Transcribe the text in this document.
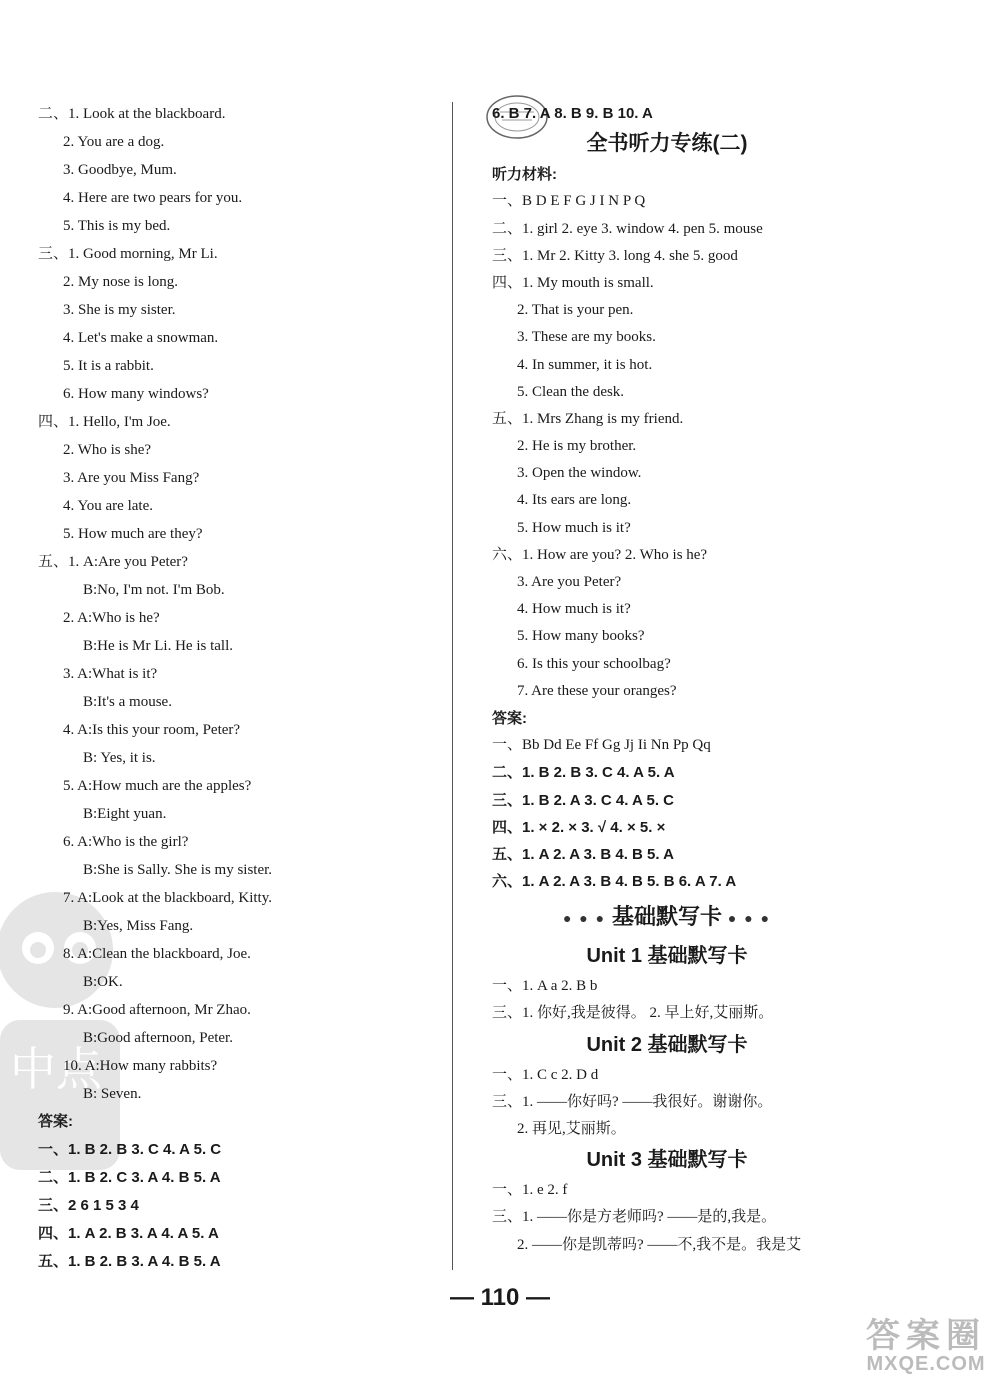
中点
二、1. Look at the blackboard.
2. You are a dog.
3. Goodbye, Mum.
4. Here are two pears for you.
5. This is my bed.
三、1. Good morning, Mr Li.
2. My nose is long.
3. She is my sister.
4. Let's make a snowman.
5. It is a rabbit.
6. How many windows?
四、1. Hello, I'm Joe.
2. Who is she?
3. Are you Miss Fang?
4. You are late.
5. How much are they?
五、1. A:Are you Peter?
B:No, I'm not. I'm Bob.
2. A:Who is he?
B:He is Mr Li. He is tall.
3. A:What is it?
B:It's a mouse.
4. A:Is this your room, Peter?
B: Yes, it is.
5. A:How much are the apples?
B:Eight yuan.
6. A:Who is the girl?
B:She is Sally. She is my sister.
7. A:Look at the blackboard, Kitty.
B:Yes, Miss Fang.
8. A:Clean the blackboard, Joe.
B:OK.
9. A:Good afternoon, Mr Zhao.
B:Good afternoon, Peter.
10. A:How many rabbits?
B: Seven.
答案:
一、1. B 2. B 3. C 4. A 5. C
二、1. B 2. C 3. A 4. B 5. A
三、2 6 1 5 3 4
四、1. A 2. B 3. A 4. A 5. A
五、1. B 2. B 3. A 4. B 5. A
6. B 7. A 8. B 9. B 10. A
全书听力专练(二)
听力材料:
一、B D E F G J I N P Q
二、1. girl 2. eye 3. window 4. pen 5. mouse
三、1. Mr 2. Kitty 3. long 4. she 5. good
四、1. My mouth is small.
2. That is your pen.
3. These are my books.
4. In summer, it is hot.
5. Clean the desk.
五、1. Mrs Zhang is my friend.
2. He is my brother.
3. Open the window.
4. Its ears are long.
5. How much is it?
六、1. How are you? 2. Who is he?
3. Are you Peter?
4. How much is it?
5. How many books?
6. Is this your schoolbag?
7. Are these your oranges?
答案:
一、Bb Dd Ee Ff Gg Jj Ii Nn Pp Qq
二、1. B 2. B 3. C 4. A 5. A
三、1. B 2. A 3. C 4. A 5. C
四、1. × 2. × 3. √ 4. × 5. ×
五、1. A 2. A 3. B 4. B 5. A
六、1. A 2. A 3. B 4. B 5. B 6. A 7. A
● ● ● 基础默写卡 ● ● ●
Unit 1 基础默写卡
一、1. A a 2. B b
三、1. 你好,我是彼得。 2. 早上好,艾丽斯。
Unit 2 基础默写卡
一、1. C c 2. D d
三、1. ——你好吗? ——我很好。谢谢你。
2. 再见,艾丽斯。
Unit 3 基础默写卡
一、1. e 2. f
三、1. ——你是方老师吗? ——是的,我是。
2. ——你是凯蒂吗? ——不,我不是。我是艾
— 110 —
答案圈
MXQE.COM
